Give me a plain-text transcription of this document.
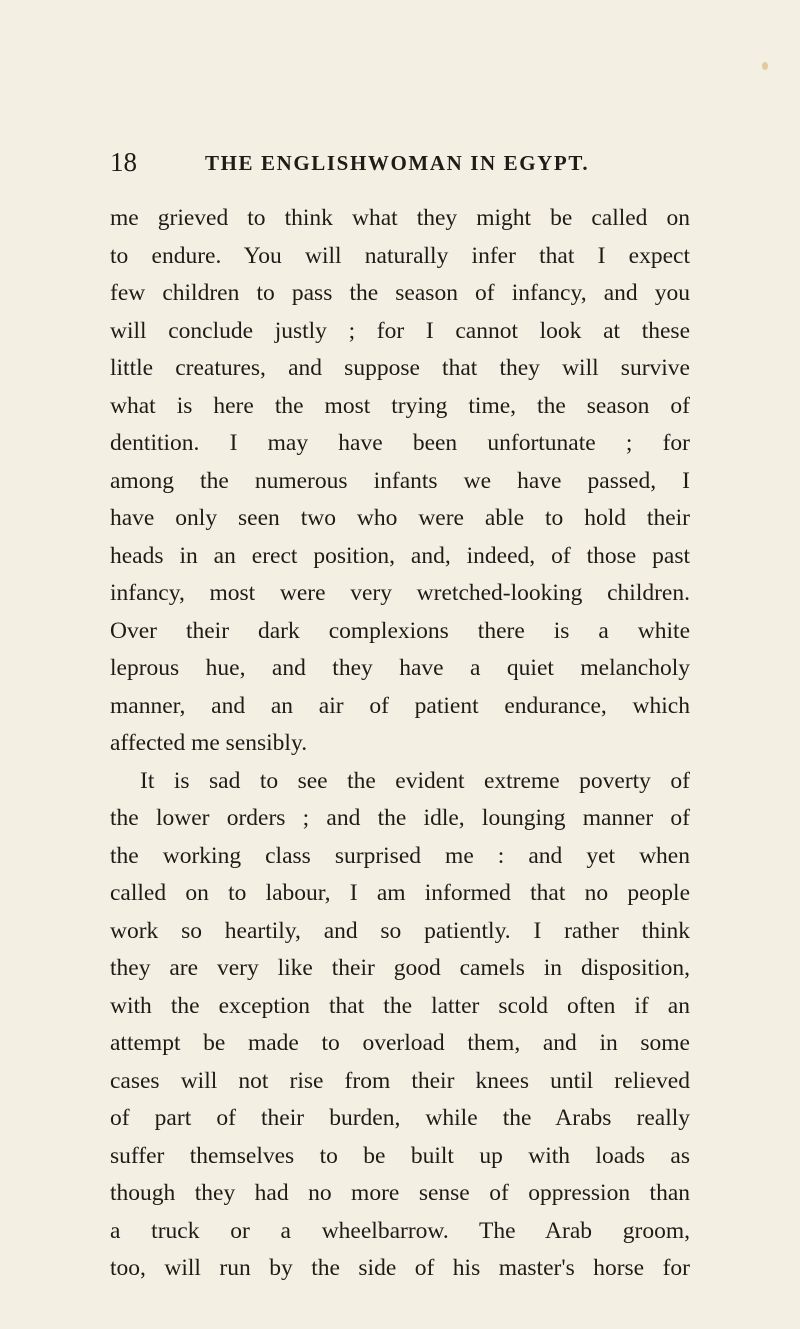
18	THE ENGLISHWOMAN IN EGYPT.
me grieved to think what they might be called on
to endure. You will naturally infer that I expect
few children to pass the season of infancy, and you
will conclude justly ; for I cannot look at these
little creatures, and suppose that they will survive
what is here the most trying time, the season of
dentition. I may have been unfortunate ; for
among the numerous infants we have passed, I
have only seen two who were able to hold their
heads in an erect position, and, indeed, of those past
infancy, most were very wretched-looking children.
Over their dark complexions there is a white
leprous hue, and they have a quiet melancholy
manner, and an air of patient endurance, which
affected me sensibly.
It is sad to see the evident extreme poverty of
the lower orders ; and the idle, lounging manner of
the working class surprised me : and yet when
called on to labour, I am informed that no people
work so heartily, and so patiently. I rather think
they are very like their good camels in disposition,
with the exception that the latter scold often if an
attempt be made to overload them, and in some
cases will not rise from their knees until relieved
of part of their burden, while the Arabs really
suffer themselves to be built up with loads as
though they had no more sense of oppression than
a truck or a wheelbarrow. The Arab groom,
too, will run by the side of his master's horse for
